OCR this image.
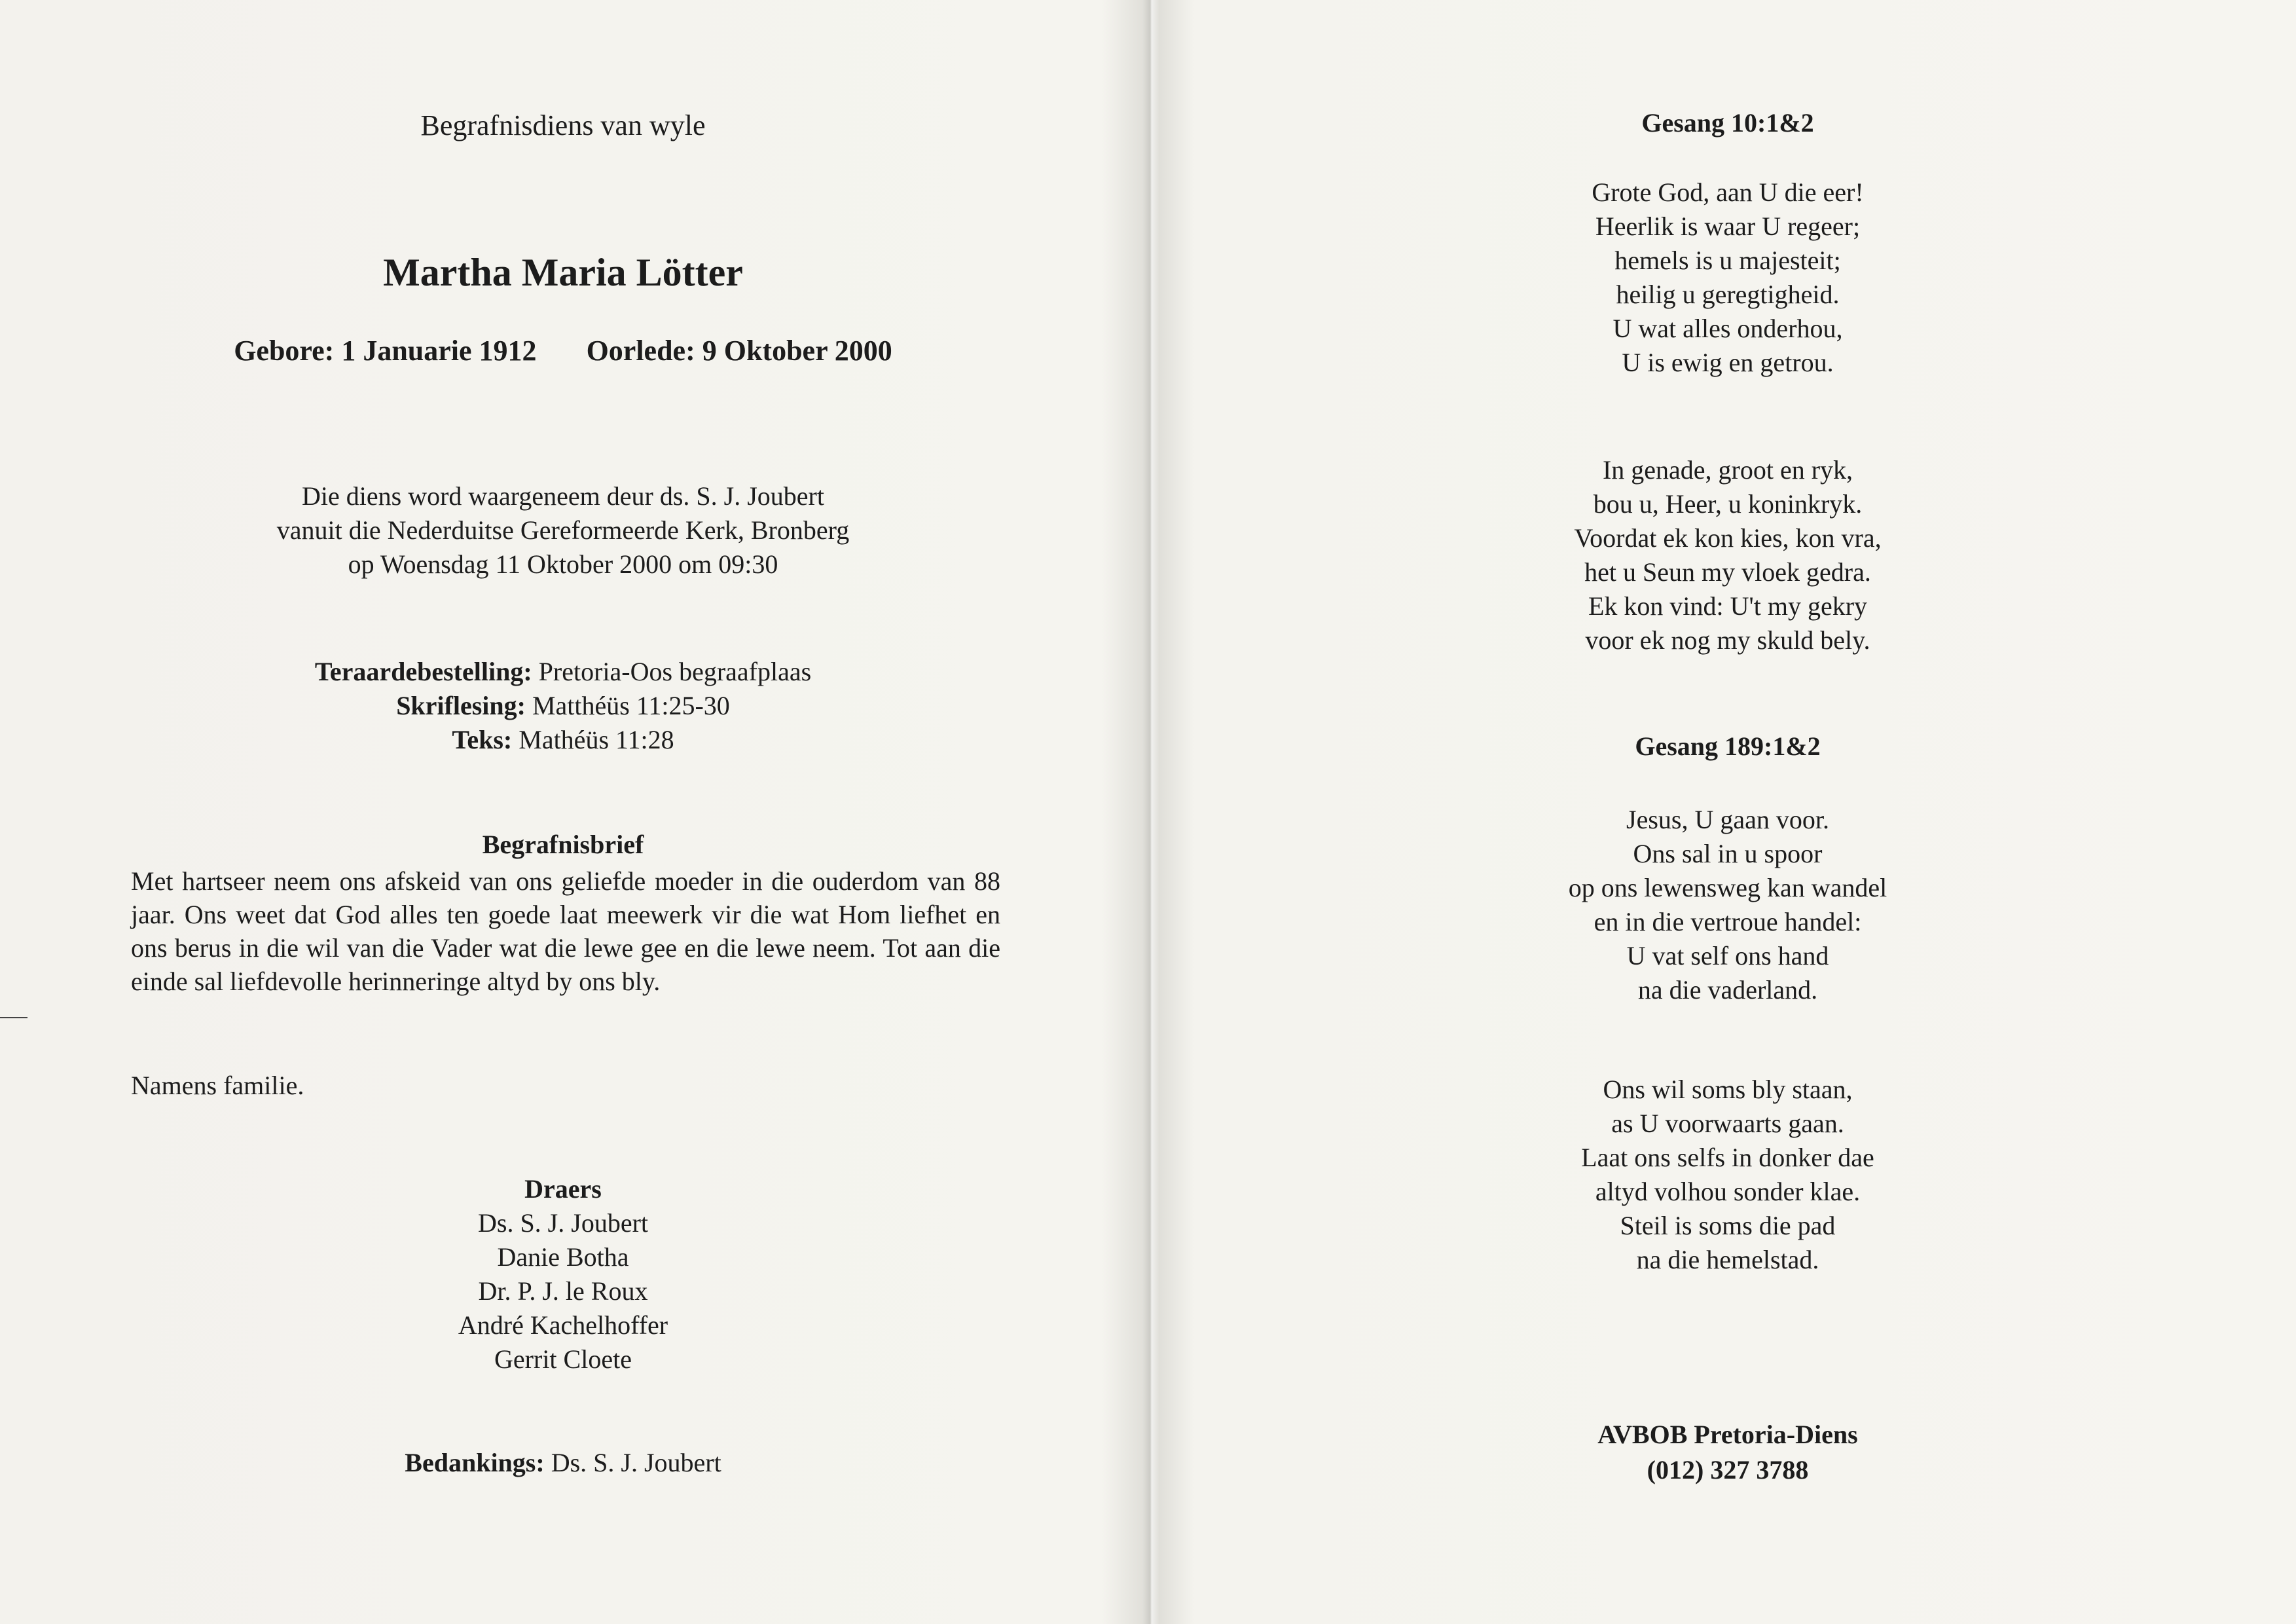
Begrafnisdiens van wyle
Martha Maria Lötter
Gebore: 1 Januarie 1912 Oorlede: 9 Oktober 2000
Die diens word waargeneem deur ds. S. J. Joubert
vanuit die Nederduitse Gereformeerde Kerk, Bronberg
op Woensdag 11 Oktober 2000 om 09:30
Teraardebestelling: Pretoria-Oos begraafplaas
Skriflesing: Matthéüs 11:25-30
Teks: Mathéüs 11:28
Begrafnisbrief
Met hartseer neem ons afskeid van ons geliefde moeder in die ouderdom van 88 jaar. Ons weet dat God alles ten goede laat meewerk vir die wat Hom liefhet en ons berus in die wil van die Vader wat die lewe gee en die lewe neem. Tot aan die einde sal liefdevolle herinneringe altyd by ons bly.
Namens familie.
Draers
Ds. S. J. Joubert
Danie Botha
Dr. P. J. le Roux
André Kachelhoffer
Gerrit Cloete
Bedankings: Ds. S. J. Joubert
Gesang 10:1&2
Grote God, aan U die eer!
Heerlik is waar U regeer;
hemels is u majesteit;
heilig u geregtigheid.
U wat alles onderhou,
U is ewig en getrou.
In genade, groot en ryk,
bou u, Heer, u koninkryk.
Voordat ek kon kies, kon vra,
het u Seun my vloek gedra.
Ek kon vind: U't my gekry
voor ek nog my skuld bely.
Gesang 189:1&2
Jesus, U gaan voor.
Ons sal in u spoor
op ons lewensweg kan wandel
en in die vertroue handel:
U vat self ons hand
na die vaderland.
Ons wil soms bly staan,
as U voorwaarts gaan.
Laat ons selfs in donker dae
altyd volhou sonder klae.
Steil is soms die pad
na die hemelstad.
AVBOB Pretoria-Diens
(012) 327 3788
